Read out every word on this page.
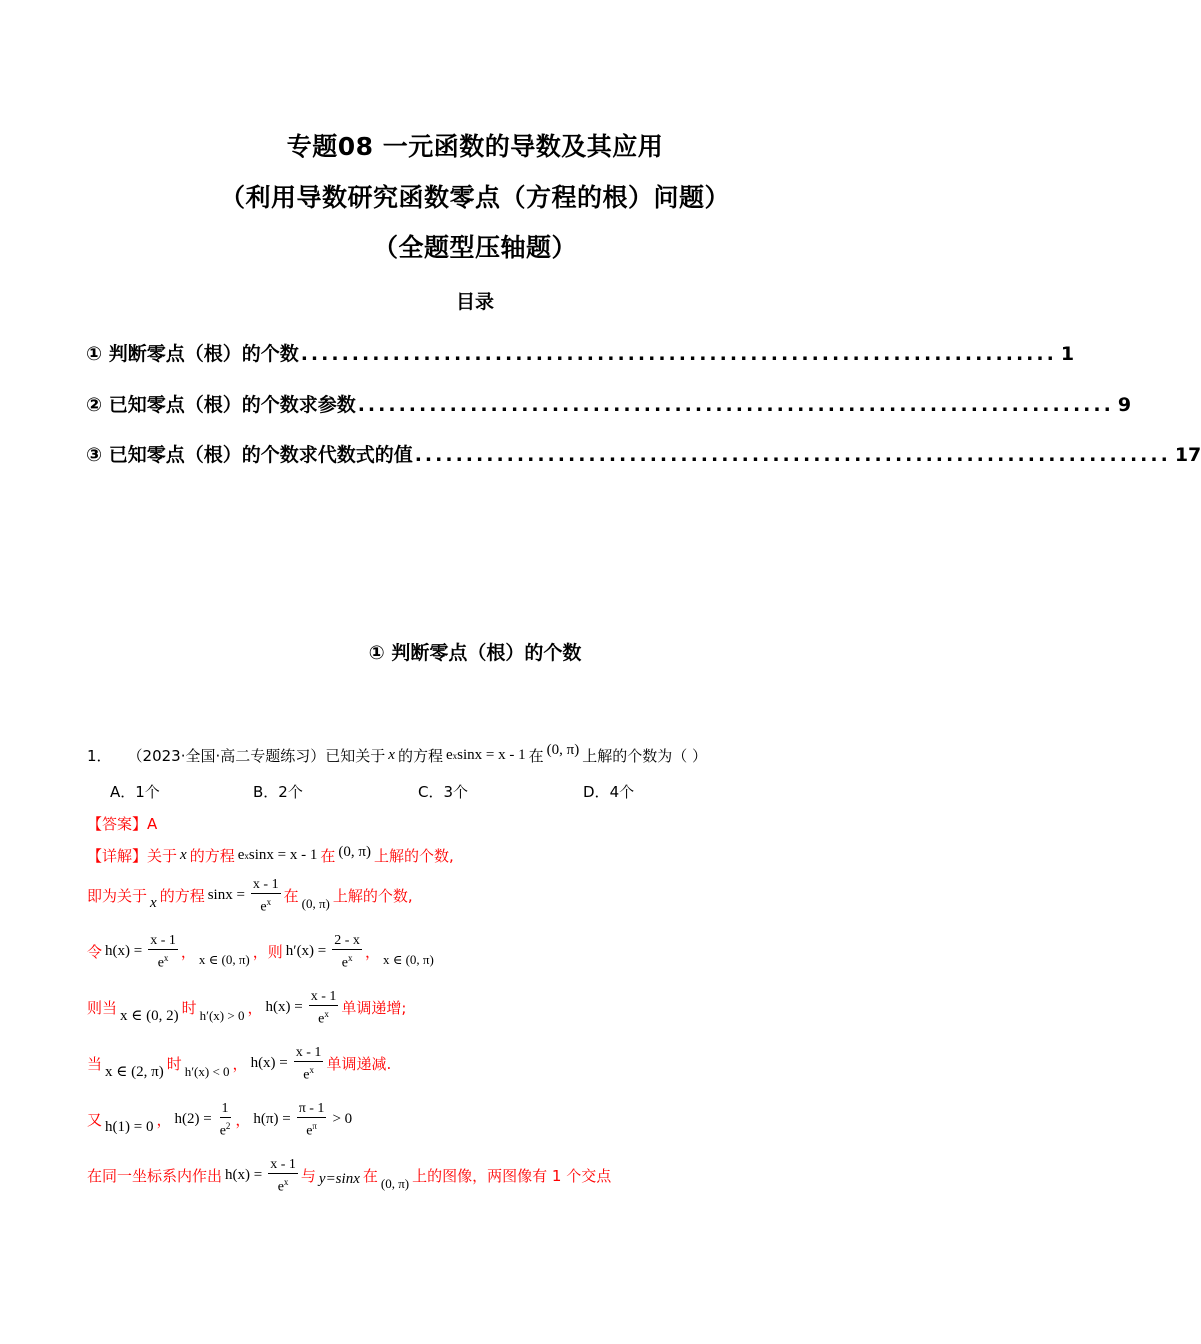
专题08 一元函数的导数及其应用
（利用导数研究函数零点（方程的根）问题）
（全题型压轴题）
目录
① 判断零点（根）的个数 .......................................................................... 1
② 已知零点（根）的个数求参数 .......................................................................... 9
③ 已知零点（根）的个数求代数式的值 .......................................................................... 17
① 判断零点（根）的个数
1． （2023·全国·高二专题练习） 已知关于 x 的方程 e x sinx = x - 1 在 (0, π) 上解的个数为（ ）
A．1个	B．2个	C．3个	D．4个
【答案】A
【详解】 关于 x 的方程 e x sinx = x - 1 在 (0, π) 上解的个数,
即为关于 x 的方程 $\sin x = \frac{x - 1}{e^x}$ 在 (0, π) 上解的个数,
令 $h(x) = \frac{x - 1}{e^x}$ ， x ∈ (0, π) ，则 $h'(x) = \frac{2 - x}{e^x}$ ， x ∈ (0, π)
则当 x ∈ (0, 2) 时 h′(x) > 0 ， $h(x) = \frac{x - 1}{e^x}$ 单调递增;
当 x ∈ (2, π) 时 h′(x) < 0 ， $h(x) = \frac{x - 1}{e^x}$ 单调递减.
又 h(1) = 0 ， $h(2) = \frac{1}{e^2}$ ， $h(\pi) = \frac{\pi - 1}{e^\pi} > 0$
在同一坐标系内作出 $h(x) = \frac{x - 1}{e^x}$ 与 y=sinx 在 (0, π) 上的图像，两图像有 1 个交点
